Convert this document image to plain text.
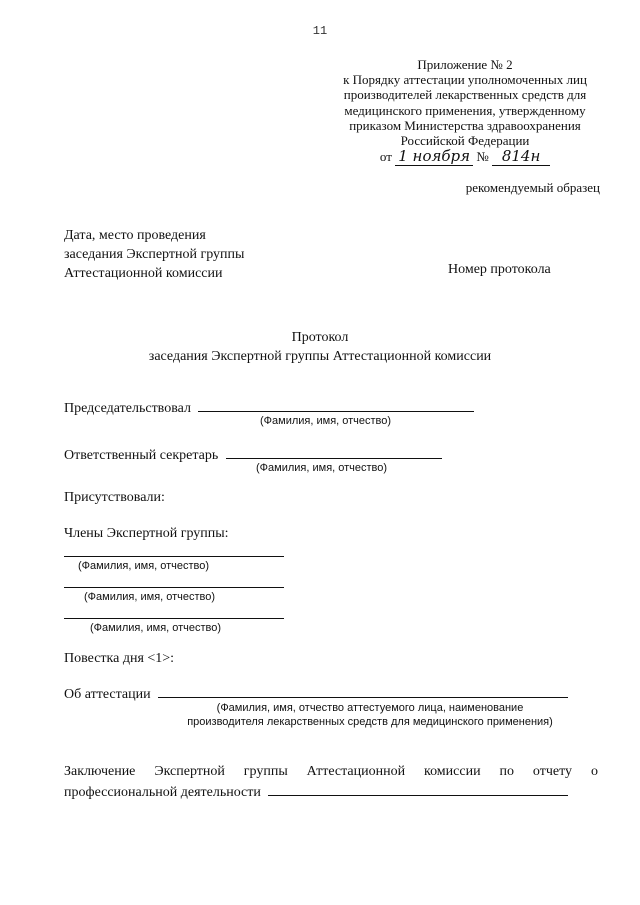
11
Приложение № 2
к Порядку аттестации уполномоченных лиц
производителей лекарственных средств для
медицинского применения, утвержденному
приказом Министерства здравоохранения
Российской Федерации
от 1 ноября № 814н
рекомендуемый образец
Дата, место проведения
заседания Экспертной группы
Аттестационной комиссии	Номер протокола
Протокол
заседания Экспертной группы Аттестационной комиссии
Председательствовал
(Фамилия, имя, отчество)
Ответственный секретарь
(Фамилия, имя, отчество)
Присутствовали:
Члены Экспертной группы:
(Фамилия, имя, отчество)
(Фамилия, имя, отчество)
(Фамилия, имя, отчество)
Повестка дня <1>:
Об аттестации
(Фамилия, имя, отчество аттестуемого лица, наименование
производителя лекарственных средств для медицинского применения)
Заключение Экспертной группы Аттестационной комиссии по отчету о
профессиональной деятельности
